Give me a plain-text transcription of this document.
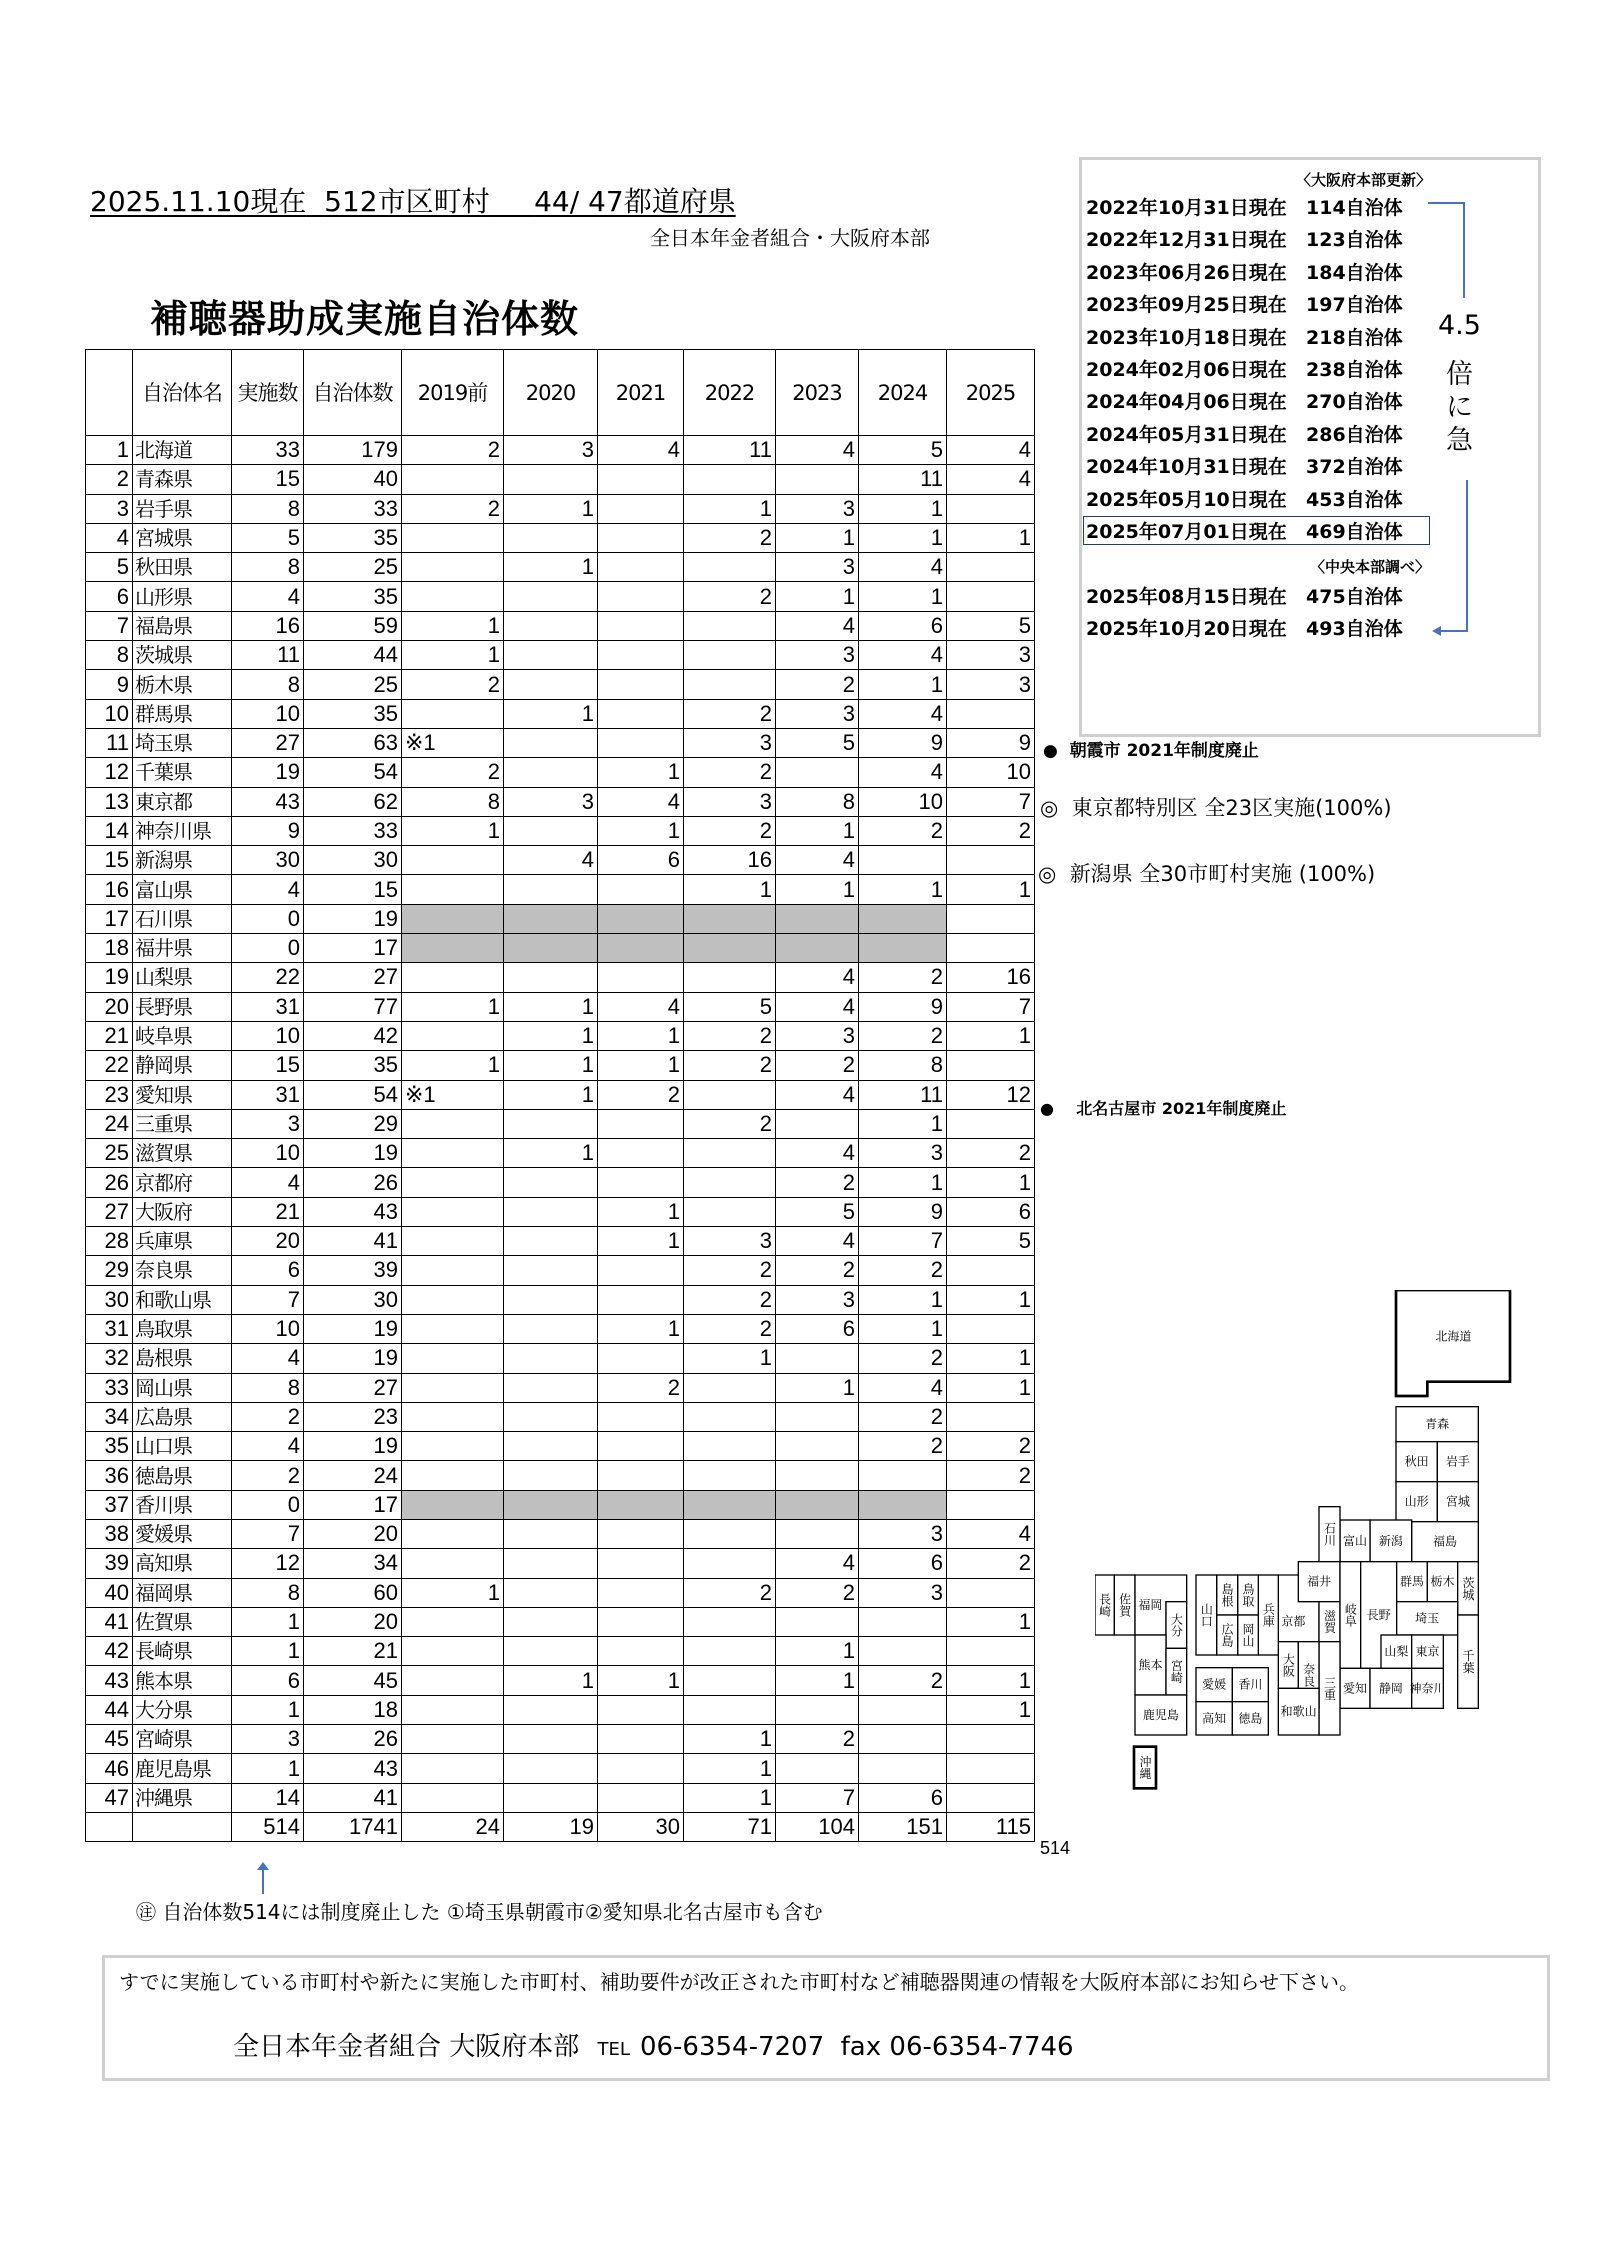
2025.11.10現在 512市区町村 44/ 47都道府県
全日本年金者組合・大阪府本部
補聴器助成実施自治体数
	自治体名	実施数	自治体数	2019前	2020	2021	2022	2023	2024	2025
1	北海道	33	179	2	3	4	11	4	5	4
2	青森県	15	40						11	4
3	岩手県	8	33	2	1		1	3	1	
4	宮城県	5	35				2	1	1	1
5	秋田県	8	25		1			3	4	
6	山形県	4	35				2	1	1	
7	福島県	16	59	1				4	6	5
8	茨城県	11	44	1				3	4	3
9	栃木県	8	25	2				2	1	3
10	群馬県	10	35		1		2	3	4	
11	埼玉県	27	63	※1			3	5	9	9
12	千葉県	19	54	2		1	2		4	10
13	東京都	43	62	8	3	4	3	8	10	7
14	神奈川県	9	33	1		1	2	1	2	2
15	新潟県	30	30		4	6	16	4		
16	富山県	4	15				1	1	1	1
17	石川県	0	19							
18	福井県	0	17							
19	山梨県	22	27					4	2	16
20	長野県	31	77	1	1	4	5	4	9	7
21	岐阜県	10	42		1	1	2	3	2	1
22	静岡県	15	35	1	1	1	2	2	8	
23	愛知県	31	54	※1	1	2		4	11	12
24	三重県	3	29				2		1	
25	滋賀県	10	19		1			4	3	2
26	京都府	4	26					2	1	1
27	大阪府	21	43			1		5	9	6
28	兵庫県	20	41			1	3	4	7	5
29	奈良県	6	39				2	2	2	
30	和歌山県	7	30				2	3	1	1
31	鳥取県	10	19			1	2	6	1	
32	島根県	4	19				1		2	1
33	岡山県	8	27			2		1	4	1
34	広島県	2	23						2	
35	山口県	4	19						2	2
36	徳島県	2	24							2
37	香川県	0	17							
38	愛媛県	7	20						3	4
39	高知県	12	34					4	6	2
40	福岡県	8	60	1			2	2	3	
41	佐賀県	1	20							1
42	長崎県	1	21					1		
43	熊本県	6	45		1	1		1	2	1
44	大分県	1	18							1
45	宮崎県	3	26				1	2		
46	鹿児島県	1	43				1			
47	沖縄県	14	41				1	7	6	
		514	1741	24	19	30	71	104	151	115
514
㊟ 自治体数514には制度廃止した ①埼玉県朝霞市②愛知県北名古屋市も含む
〈大阪府本部更新〉
2022年10月31日現在 114自治体
2022年12月31日現在 123自治体
2023年06月26日現在 184自治体
2023年09月25日現在 197自治体
2023年10月18日現在 218自治体
2024年02月06日現在 238自治体
2024年04月06日現在 270自治体
2024年05月31日現在 286自治体
2024年10月31日現在 372自治体
2025年05月10日現在 453自治体
2025年07月01日現在 469自治体
2025年08月15日現在 475自治体
2025年10月20日現在 493自治体
〈中央本部調べ〉
4.5
倍
に
急
● 朝霞市 2021年制度廃止
◎ 東京都特別区 全23区実施(100%)
◎ 新潟県 全30市町村実施 (100%)
● 北名古屋市 2021年制度廃止
北海道
青森
秋田 岩手
山形 宮城
福島
新潟
富山
石川
福井
京都 滋賀 岐阜 長野
群馬 栃木 茨城
埼玉
山梨 東京 千葉
愛知 静岡 神奈川
三重
大阪 奈良
和歌山
兵庫
鳥取
島根
岡山
広島
山口
愛媛 香川
高知 徳島
長崎 佐賀 福岡
大分
熊本 宮崎
鹿児島
沖縄
すでに実施している市町村や新たに実施した市町村、補助要件が改正された市町村など補聴器関連の情報を大阪府本部にお知らせ下さい。
全日本年金者組合 大阪府本部 TEL 06-6354-7207 fax 06-6354-7746
